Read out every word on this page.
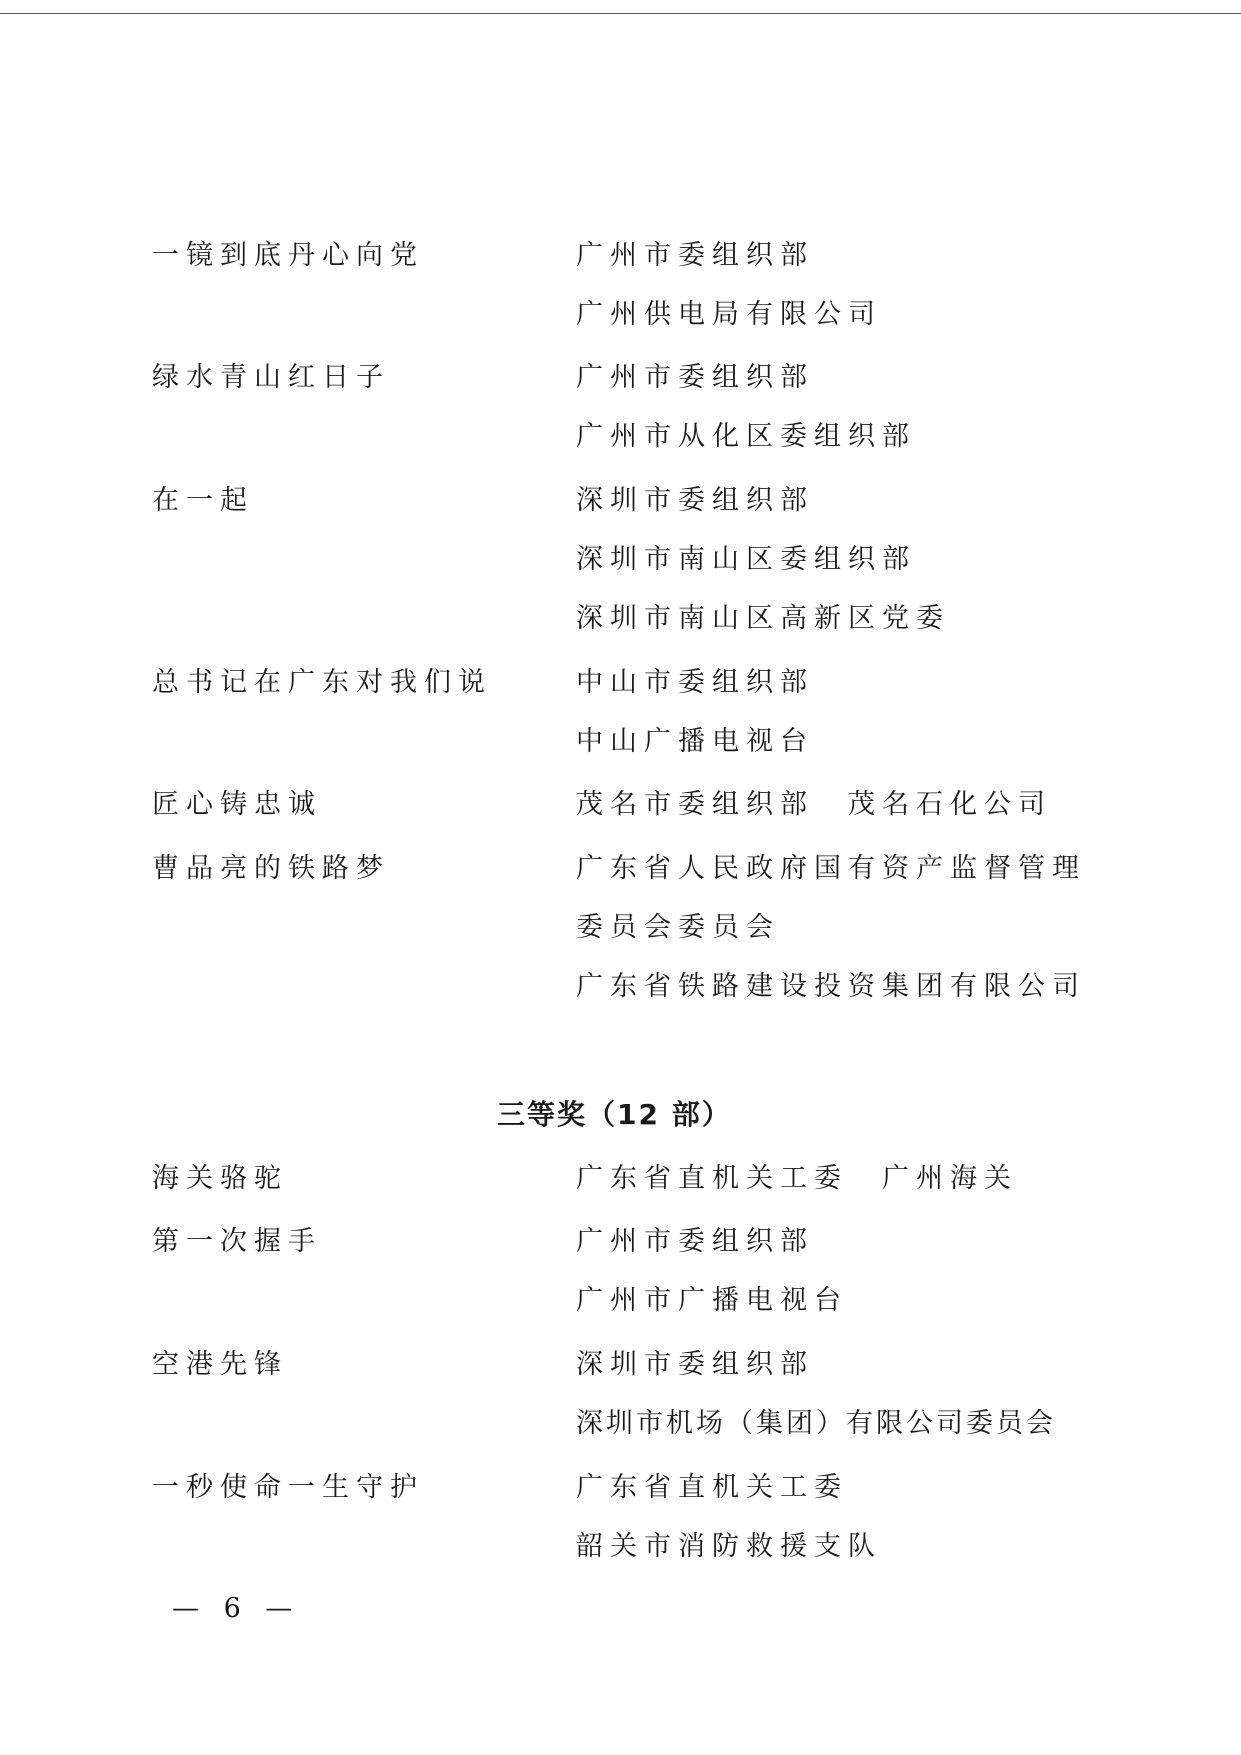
一镜到底丹心向党	广州市委组织部
广州供电局有限公司
绿水青山红日子	广州市委组织部
广州市从化区委组织部
在一起	深圳市委组织部
深圳市南山区委组织部
深圳市南山区高新区党委
总书记在广东对我们说	中山市委组织部
中山广播电视台
匠心铸忠诚	茂名市委组织部　茂名石化公司
曹品亮的铁路梦	广东省人民政府国有资产监督管理
委员会委员会
广东省铁路建设投资集团有限公司
三等奖（12 部）
海关骆驼	广东省直机关工委　广州海关
第一次握手	广州市委组织部
广州市广播电视台
空港先锋	深圳市委组织部
深圳市机场（集团）有限公司委员会
一秒使命一生守护	广东省直机关工委
韶关市消防救援支队
— 6 —
